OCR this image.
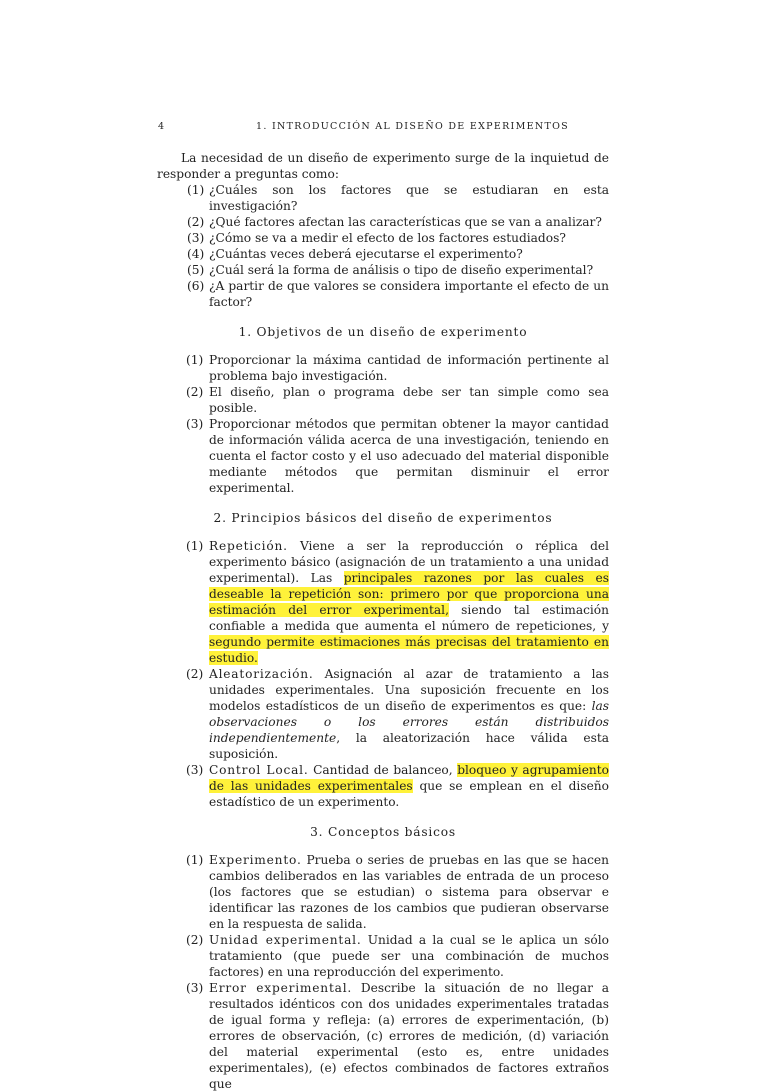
4	1. INTRODUCCIÓN AL DISEÑO DE EXPERIMENTOS

La necesidad de un diseño de experimento surge de la inquietud de responder a preguntas como:

(1) ¿Cuáles son los factores que se estudiaran en esta investigación?
(2) ¿Qué factores afectan las características que se van a analizar?
(3) ¿Cómo se va a medir el efecto de los factores estudiados?
(4) ¿Cuántas veces deberá ejecutarse el experimento?
(5) ¿Cuál será la forma de análisis o tipo de diseño experimental?
(6) ¿A partir de que valores se considera importante el efecto de un factor?
1. Objetivos de un diseño de experimento
(1) Proporcionar la máxima cantidad de información pertinente al problema bajo investigación.
(2) El diseño, plan o programa debe ser tan simple como sea posible.
(3) Proporcionar métodos que permitan obtener la mayor cantidad de información válida acerca de una investigación, teniendo en cuenta el factor costo y el uso adecuado del material disponible mediante métodos que permitan disminuir el error experimental.
2. Principios básicos del diseño de experimentos
(1) Repetición. Viene a ser la reproducción o réplica del experimento básico (asignación de un tratamiento a una unidad experimental). Las principales razones por las cuales es deseable la repetición son: primero por que proporciona una estimación del error experimental, siendo tal estimación confiable a medida que aumenta el número de repeticiones, y segundo permite estimaciones más precisas del tratamiento en estudio.
(2) Aleatorización. Asignación al azar de tratamiento a las unidades experimentales. Una suposición frecuente en los modelos estadísticos de un diseño de experimentos es que: las observaciones o los errores están distribuidos independientemente, la aleatorización hace válida esta suposición.
(3) Control Local. Cantidad de balanceo, bloqueo y agrupamiento de las unidades experimentales que se emplean en el diseño estadístico de un experimento.
3. Conceptos básicos
(1) Experimento. Prueba o series de pruebas en las que se hacen cambios deliberados en las variables de entrada de un proceso (los factores que se estudian) o sistema para observar e identificar las razones de los cambios que pudieran observarse en la respuesta de salida.
(2) Unidad experimental. Unidad a la cual se le aplica un sólo tratamiento (que puede ser una combinación de muchos factores) en una reproducción del experimento.
(3) Error experimental. Describe la situación de no llegar a resultados idénticos con dos unidades experimentales tratadas de igual forma y refleja: (a) errores de experimentación, (b) errores de observación, (c) errores de medición, (d) variación del material experimental (esto es, entre unidades experimentales), (e) efectos combinados de factores extraños que
